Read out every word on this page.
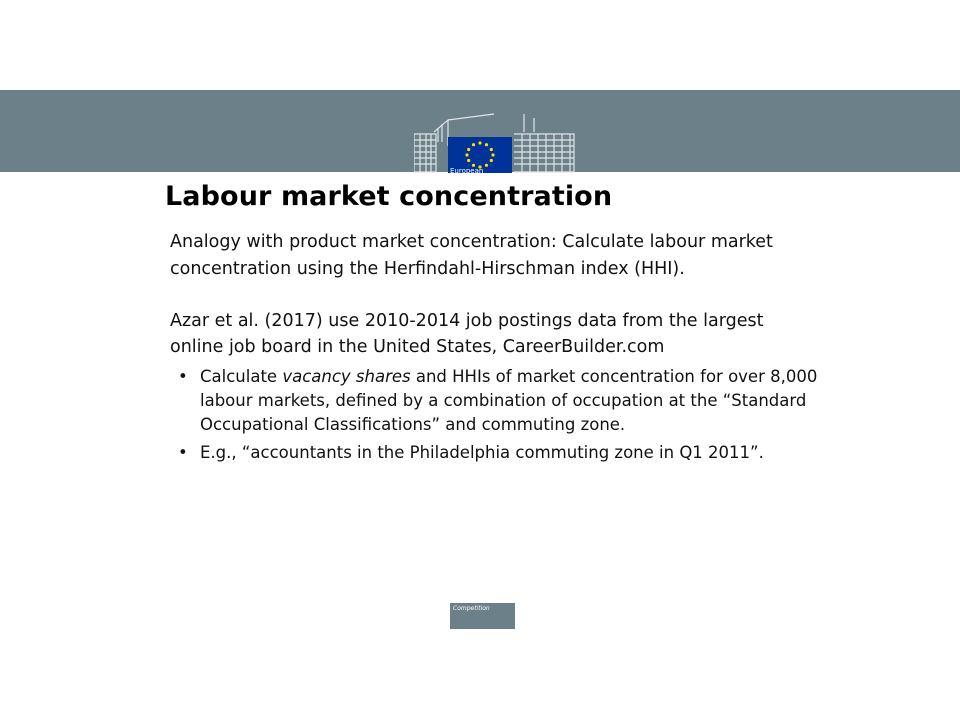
European
Commission
Labour market concentration

Analogy with product market concentration: Calculate labour market concentration using the Herfindahl-Hirschman index (HHI).

Azar et al. (2017) use 2010-2014 job postings data from the largest online job board in the United States, CareerBuilder.com

• Calculate vacancy shares and HHIs of market concentration for over 8,000 labour markets, defined by a combination of occupation at the “Standard Occupational Classifications” and commuting zone.
• E.g., “accountants in the Philadelphia commuting zone in Q1 2011”.
Competition
